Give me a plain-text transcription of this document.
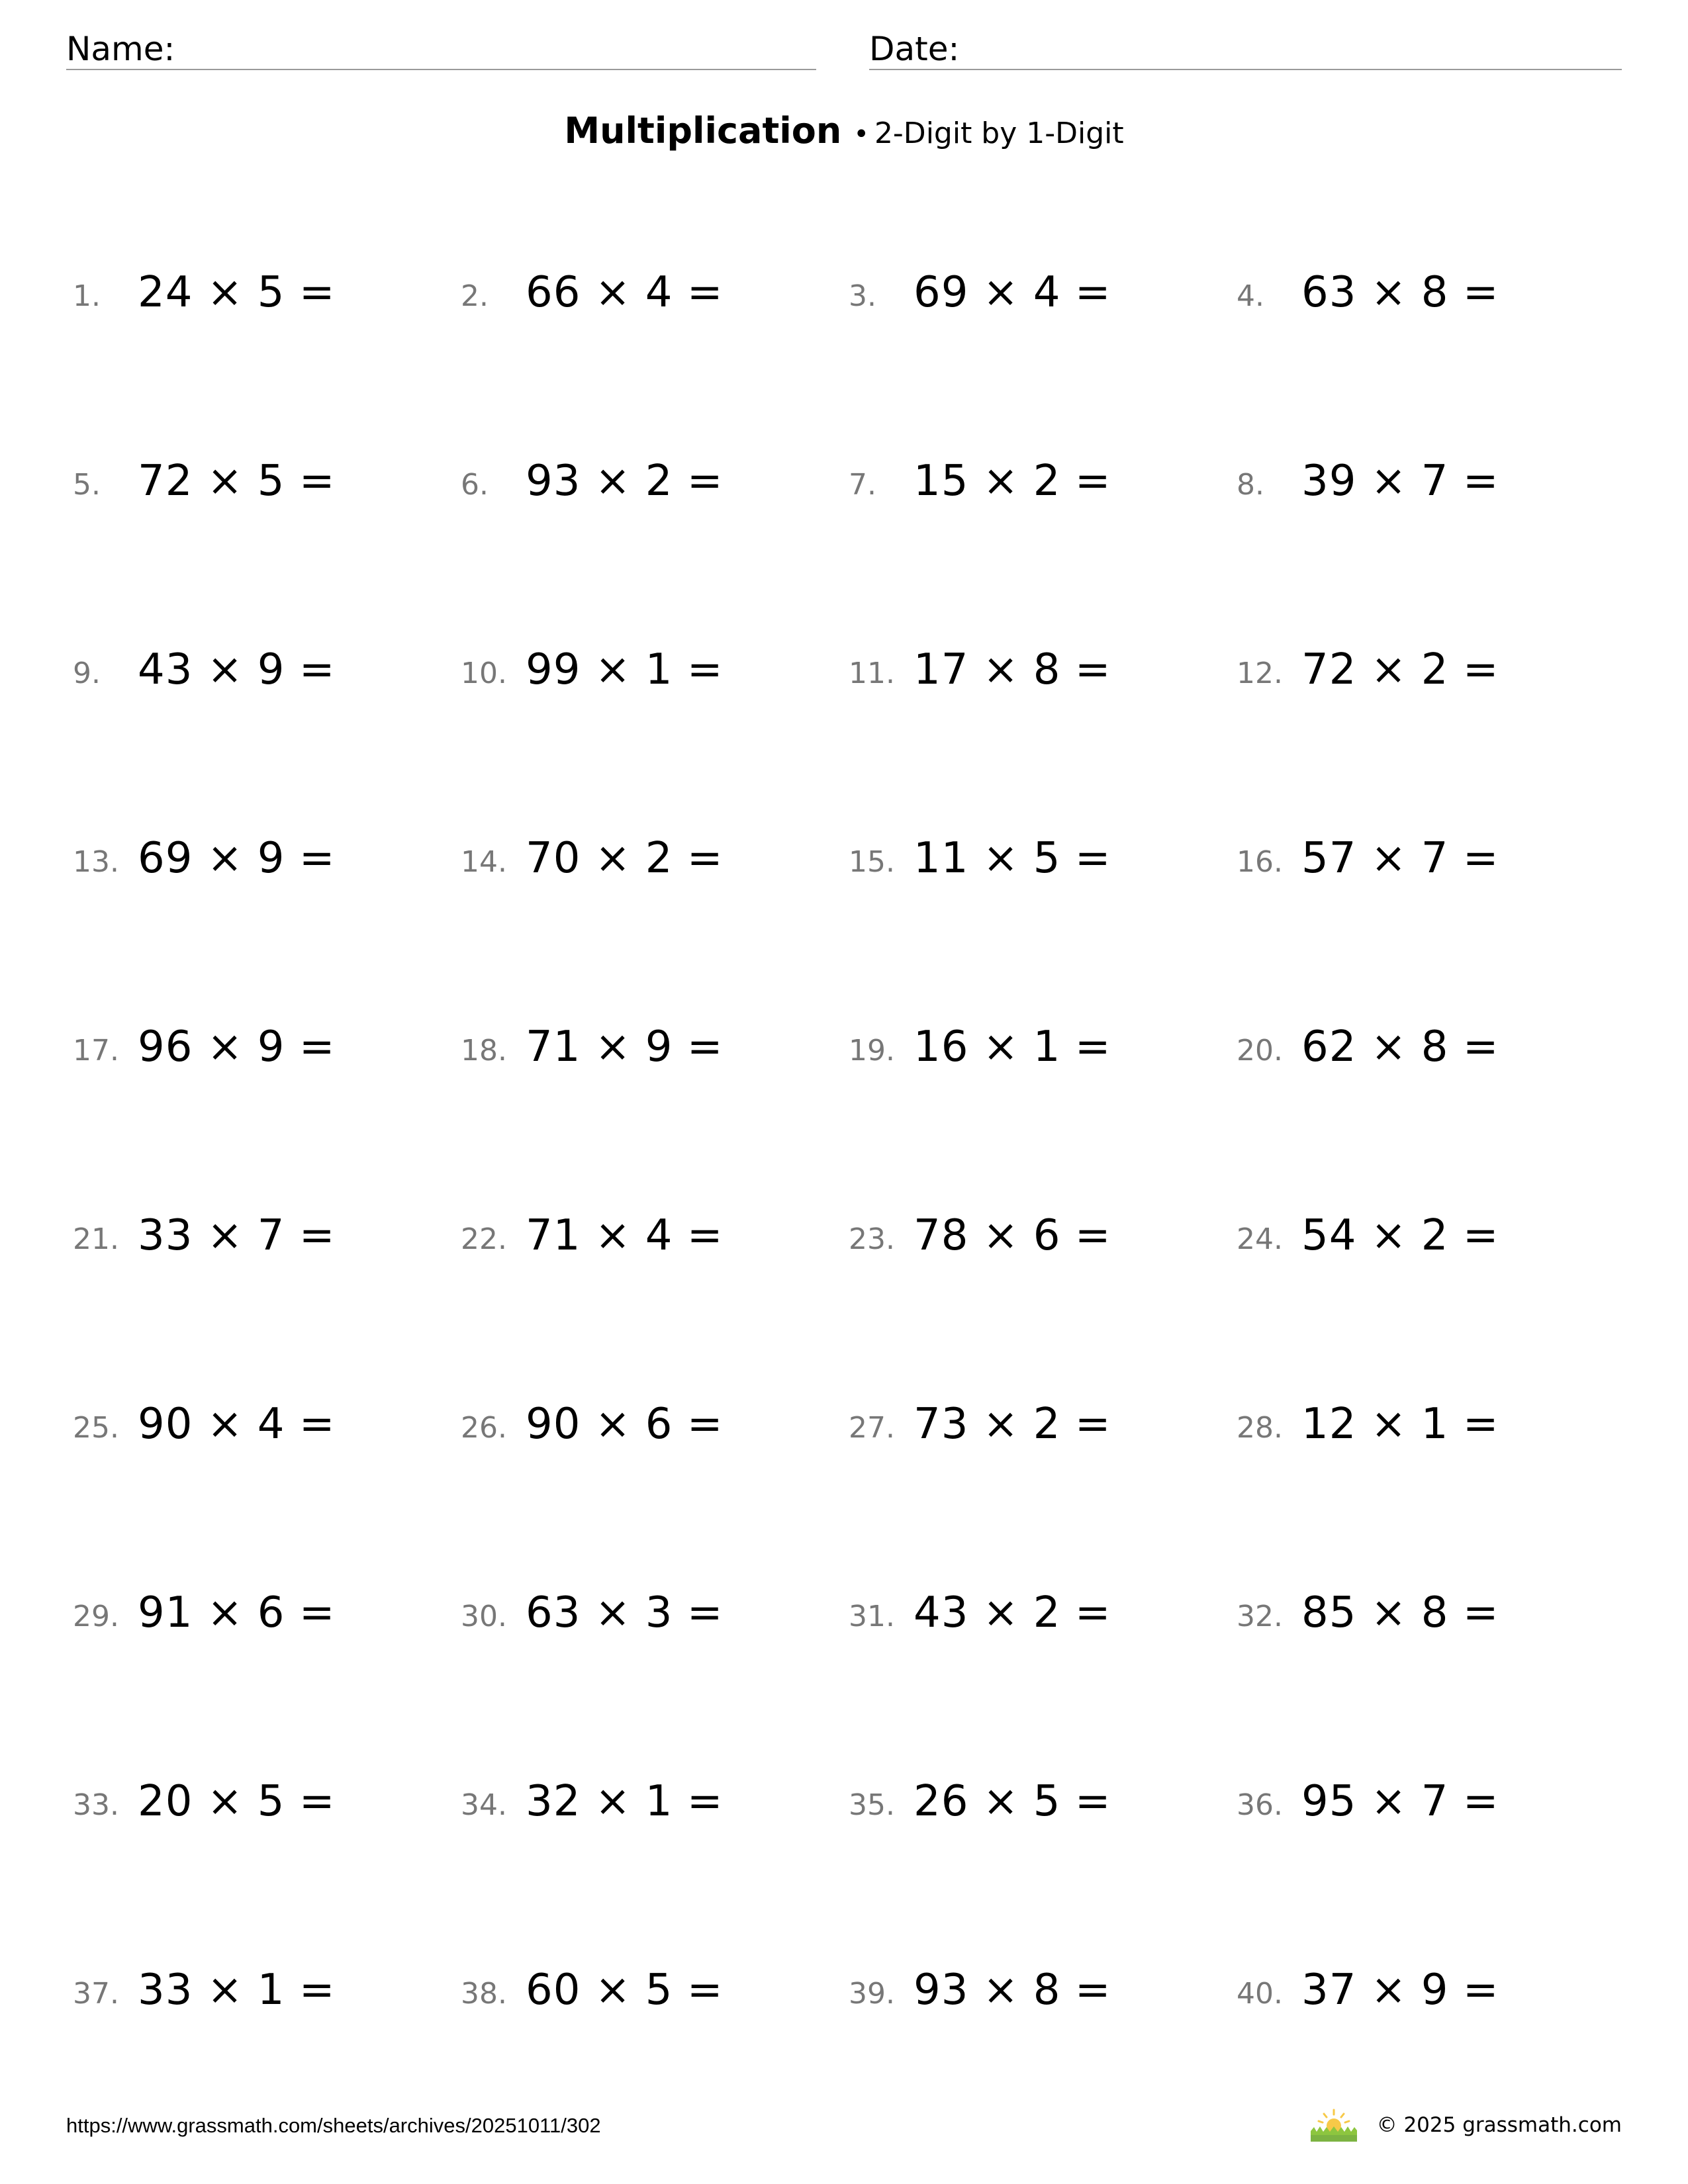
Name:	Date:
Multiplication • 2-Digit by 1-Digit
1. 24 × 5 =	2. 66 × 4 =	3. 69 × 4 =	4. 63 × 8 =
5. 72 × 5 =	6. 93 × 2 =	7. 15 × 2 =	8. 39 × 7 =
9. 43 × 9 =	10. 99 × 1 =	11. 17 × 8 =	12. 72 × 2 =
13. 69 × 9 =	14. 70 × 2 =	15. 11 × 5 =	16. 57 × 7 =
17. 96 × 9 =	18. 71 × 9 =	19. 16 × 1 =	20. 62 × 8 =
21. 33 × 7 =	22. 71 × 4 =	23. 78 × 6 =	24. 54 × 2 =
25. 90 × 4 =	26. 90 × 6 =	27. 73 × 2 =	28. 12 × 1 =
29. 91 × 6 =	30. 63 × 3 =	31. 43 × 2 =	32. 85 × 8 =
33. 20 × 5 =	34. 32 × 1 =	35. 26 × 5 =	36. 95 × 7 =
37. 33 × 1 =	38. 60 × 5 =	39. 93 × 8 =	40. 37 × 9 =
https://www.grassmath.com/sheets/archives/20251011/302	© 2025 grassmath.com
